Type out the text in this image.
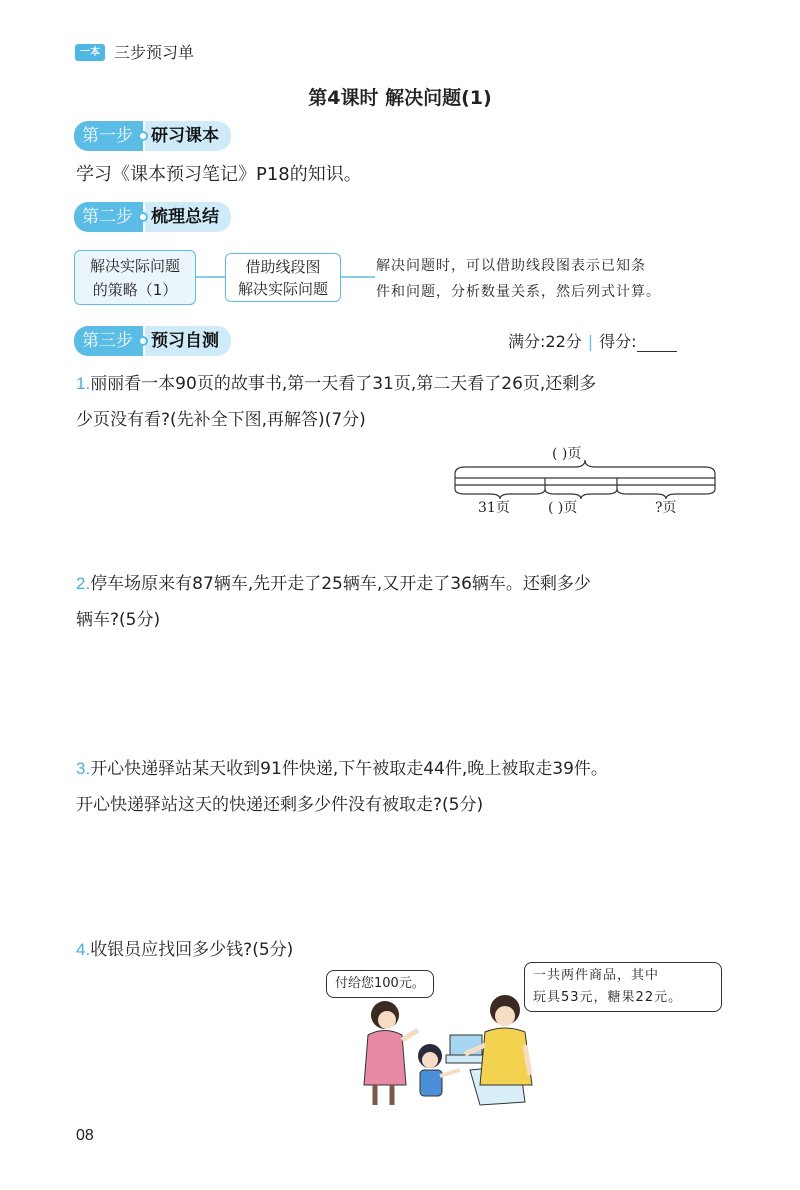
一本 三步预习单
第4课时 解决问题(1)
第一步	研习课本
学习《课本预习笔记》P18的知识。
第二步	梳理总结
解决实际问题
的策略（1）
借助线段图
解决实际问题
解决问题时，可以借助线段图表示已知条
件和问题，分析数量关系，然后列式计算。
第三步	预习自测	满分:22分 | 得分:
1.丽丽看一本90页的故事书,第一天看了31页,第二天看了26页,还剩多
少页没有看?(先补全下图,再解答)(7分)
( )页
31页	( )页	?页
2.停车场原来有87辆车,先开走了25辆车,又开走了36辆车。还剩多少
辆车?(5分)
3.开心快递驿站某天收到91件快递,下午被取走44件,晚上被取走39件。
开心快递驿站这天的快递还剩多少件没有被取走?(5分)
4.收银员应找回多少钱?(5分)
付给您100元。
一共两件商品，其中
玩具53元，糖果22元。
08
